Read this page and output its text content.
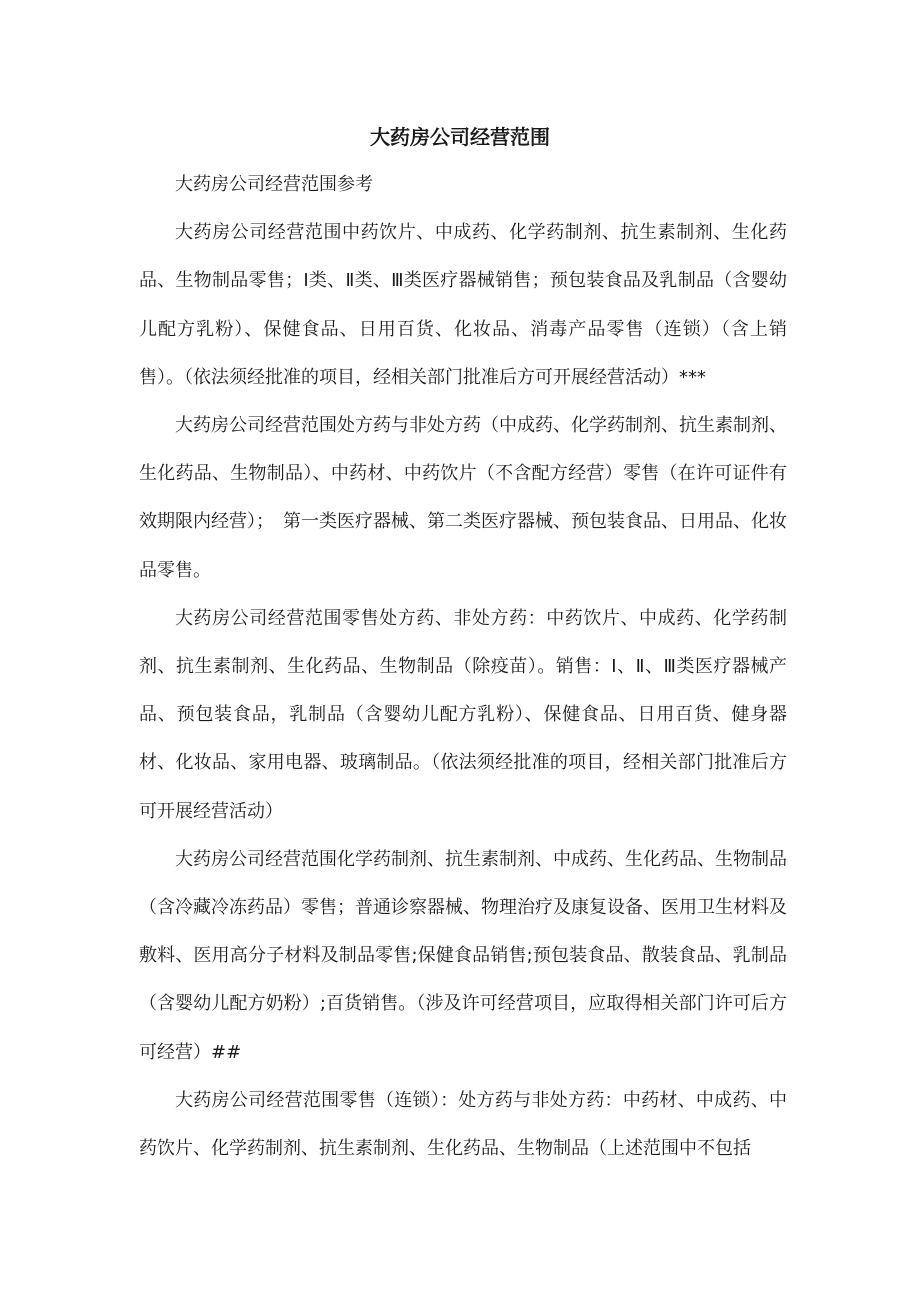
大药房公司经营范围

大药房公司经营范围参考

大药房公司经营范围中药饮片、中成药、化学药制剂、抗生素制剂、生化药品、生物制品零售；Ⅰ类、Ⅱ类、Ⅲ类医疗器械销售；预包装食品及乳制品（含婴幼儿配方乳粉）、保健食品、日用百货、化妆品、消毒产品零售（连锁）（含上销售）。（依法须经批准的项目，经相关部门批准后方可开展经营活动）***

大药房公司经营范围处方药与非处方药（中成药、化学药制剂、抗生素制剂、生化药品、生物制品）、中药材、中药饮片（不含配方经营）零售（在许可证件有效期限内经营）；　第一类医疗器械、第二类医疗器械、预包装食品、日用品、化妆品零售。

大药房公司经营范围零售处方药、非处方药：中药饮片、中成药、化学药制剂、抗生素制剂、生化药品、生物制品（除疫苗）。销售：Ⅰ、Ⅱ、Ⅲ类医疗器械产品、预包装食品，乳制品（含婴幼儿配方乳粉）、保健食品、日用百货、健身器材、化妆品、家用电器、玻璃制品。（依法须经批准的项目，经相关部门批准后方可开展经营活动）

大药房公司经营范围化学药制剂、抗生素制剂、中成药、生化药品、生物制品（含冷藏冷冻药品）零售；普通诊察器械、物理治疗及康复设备、医用卫生材料及敷料、医用高分子材料及制品零售;保健食品销售;预包装食品、散装食品、乳制品（含婴幼儿配方奶粉）;百货销售。（涉及许可经营项目，应取得相关部门许可后方可经营）##

大药房公司经营范围零售（连锁）：处方药与非处方药：中药材、中成药、中药饮片、化学药制剂、抗生素制剂、生化药品、生物制品（上述范围中不包括
